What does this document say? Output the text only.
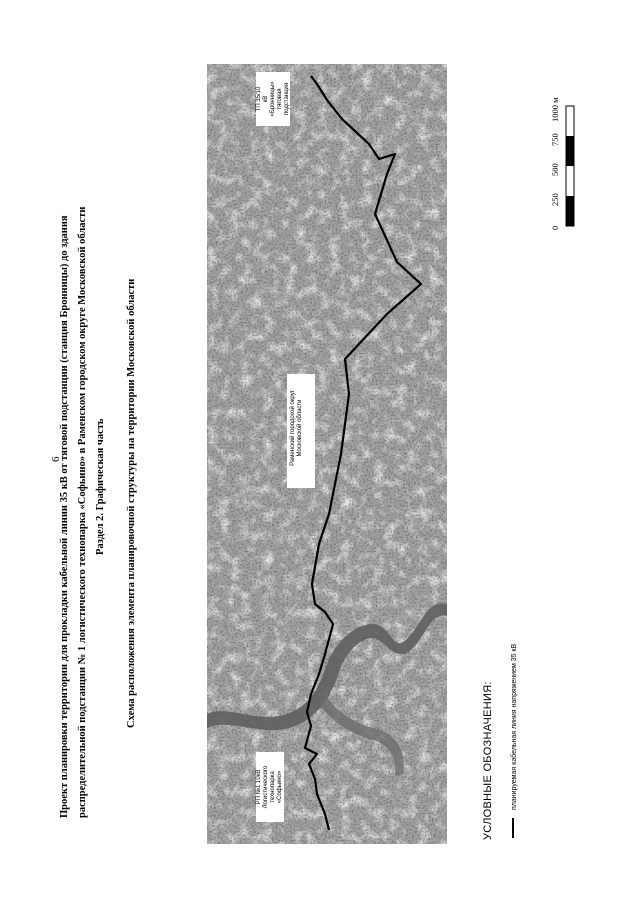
6
Проект планировки территории для прокладки кабельной линии 35 кВ от тяговой подстанции (станция Бронницы) до здания распределительной подстанции № 1 логистического технопарка «Софьино» в Раменском городском округе Московской области Раздел 2. Графическая часть Схема расположения элемента планировочной структуры на территории Московской области	Раменский городской округ Московской области
ТП 35/10 кВ «Бронницы» тяговая подстанция
РП №1 10кВ Логистического технопарка «Софьино»	УСЛОВНЫЕ ОБОЗНАЧЕНИЯ: планируемая кабельная линия напряжением 35 кВ
0
250
500
750
1000 м
